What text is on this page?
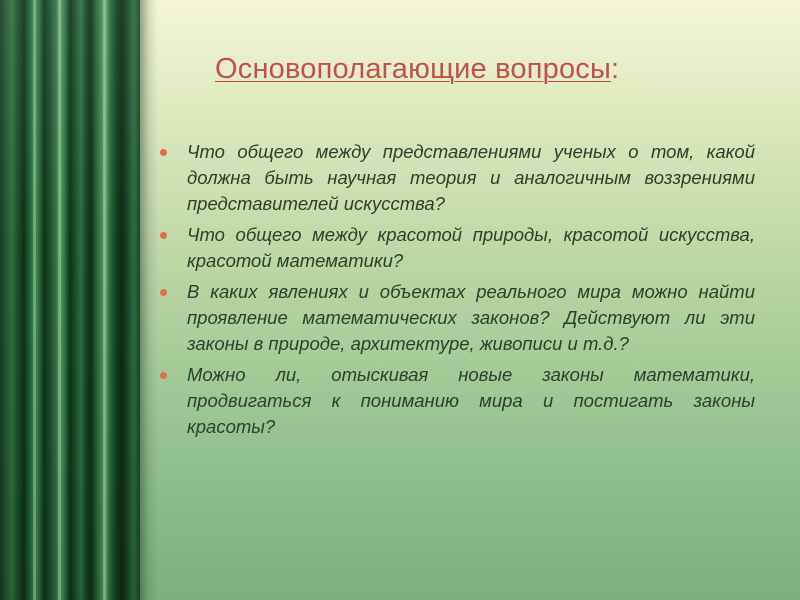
Основополагающие вопросы:
Что общего между представлениями ученых о том, какой должна быть научная теория и аналогичным воззрениями представителей искусства?
Что общего между красотой природы, красотой искусства, красотой математики?
В каких явлениях и объектах реального мира можно найти проявление математических законов? Действуют ли эти законы в природе, архитектуре, живописи и т.д.?
Можно ли, отыскивая новые законы математики, продвигаться к пониманию мира и постигать законы красоты?
